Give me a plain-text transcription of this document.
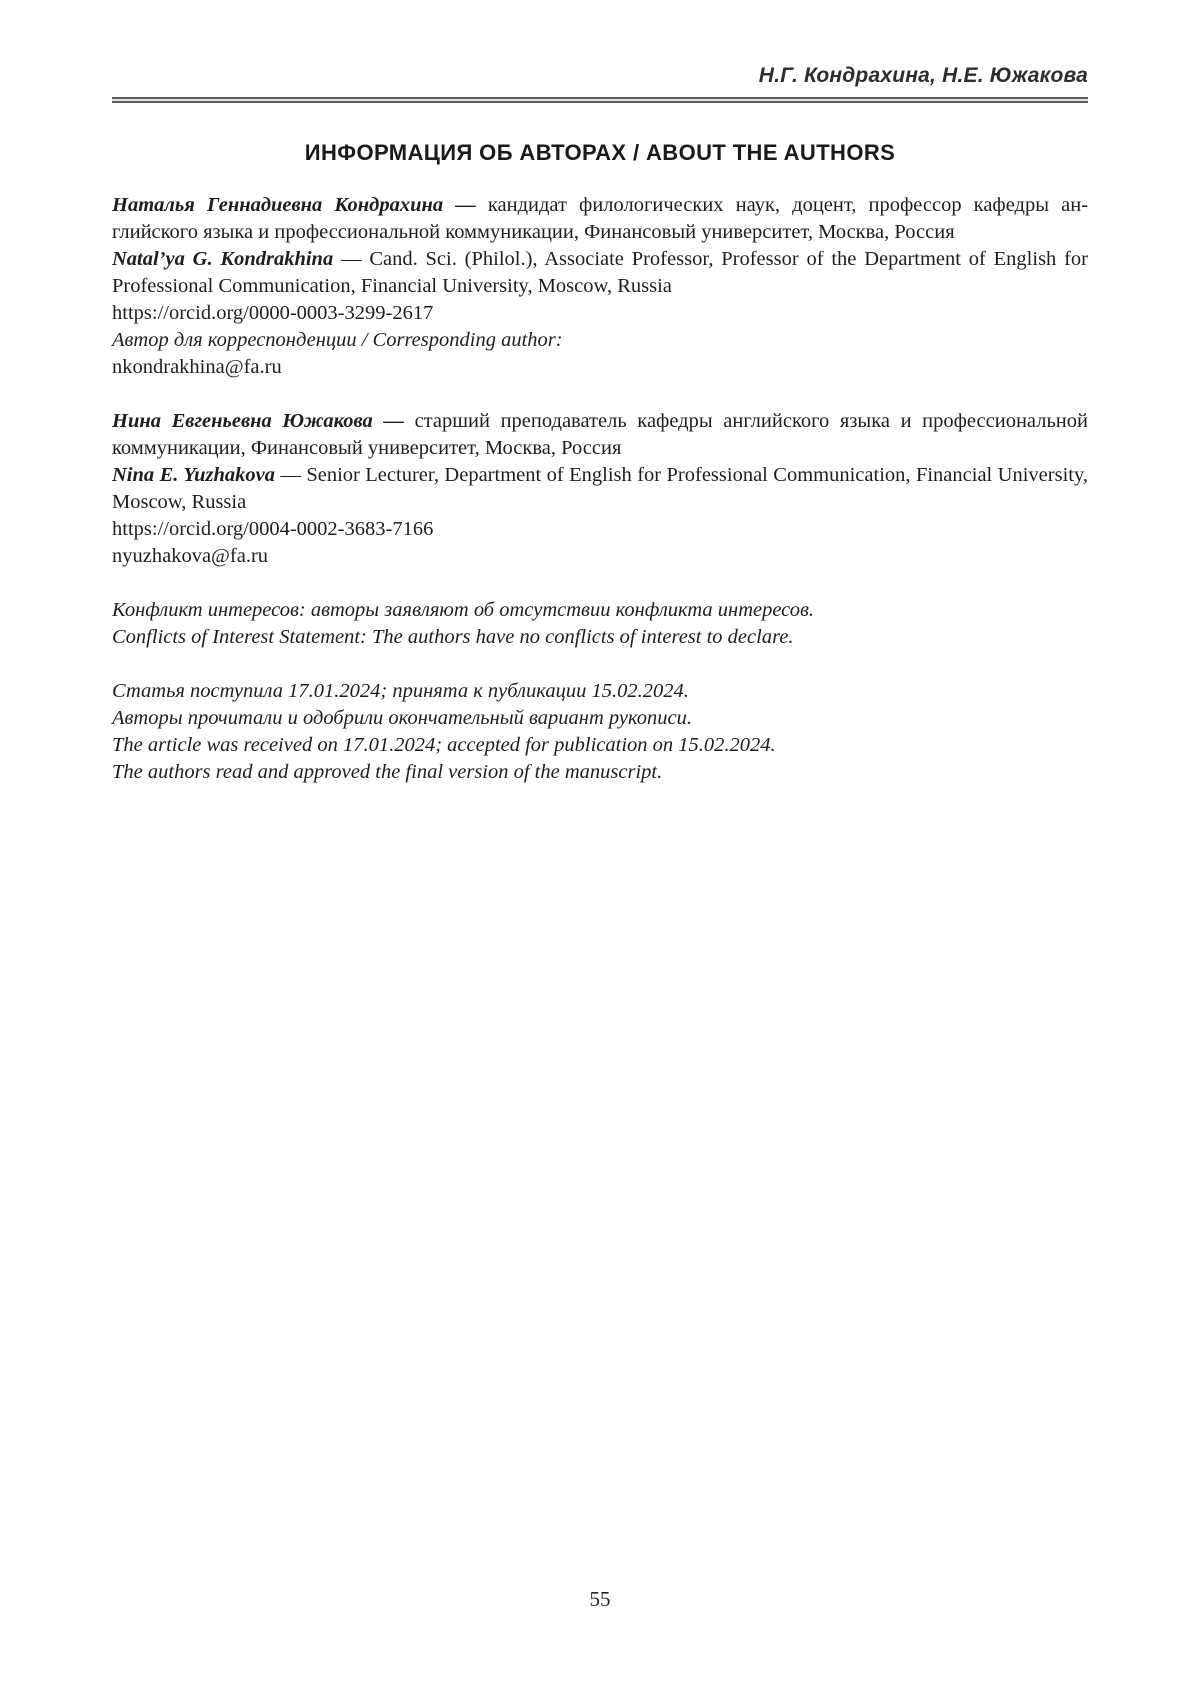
Н.Г. Кондрахина, Н.Е. Южакова
ИНФОРМАЦИЯ ОБ АВТОРАХ / ABOUT THE AUTHORS

Наталья Геннадиевна Кондрахина — кандидат филологических наук, доцент, профессор кафедры английского языка и профессиональной коммуникации, Финансовый университет, Москва, Россия

Natal’ya G. Kondrakhina — Cand. Sci. (Philol.), Associate Professor, Professor of the Department of English for Professional Communication, Financial University, Moscow, Russia

https://orcid.org/0000-0003-3299-2617

Автор для корреспонденции / Corresponding author:

nkondrakhina@fa.ru

Нина Евгеньевна Южакова — старший преподаватель кафедры английского языка и профессиональной коммуникации, Финансовый университет, Москва, Россия

Nina E. Yuzhakova — Senior Lecturer, Department of English for Professional Communication, Financial University, Moscow, Russia

https://orcid.org/0004-0002-3683-7166

nyuzhakova@fa.ru

Конфликт интересов: авторы заявляют об отсутствии конфликта интересов.

Conflicts of Interest Statement: The authors have no conflicts of interest to declare.

Статья поступила 17.01.2024; принята к публикации 15.02.2024.

Авторы прочитали и одобрили окончательный вариант рукописи.

The article was received on 17.01.2024; accepted for publication on 15.02.2024.

The authors read and approved the final version of the manuscript.

55
